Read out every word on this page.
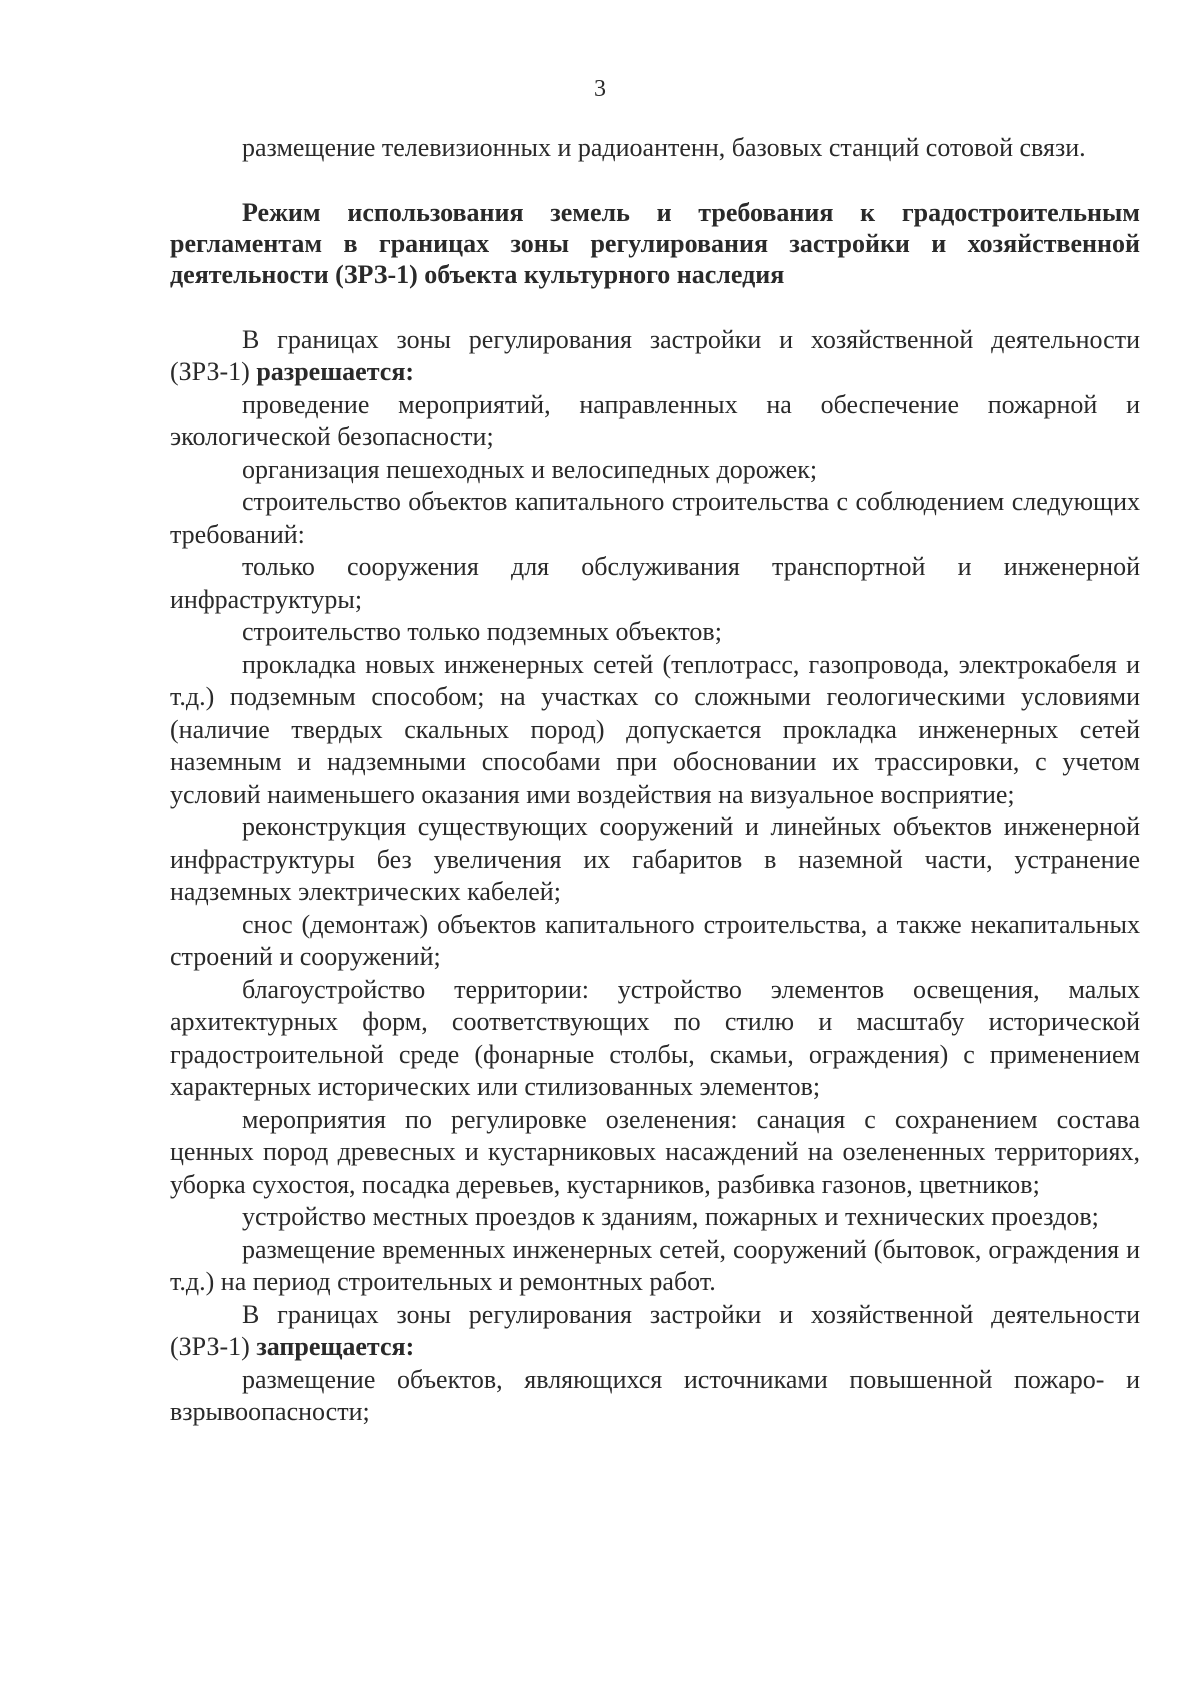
3

размещение телевизионных и радиоантенн, базовых станций сотовой связи.

Режим использования земель и требования к градостроительным регламентам в границах зоны регулирования застройки и хозяйственной деятельности (ЗРЗ-1) объекта культурного наследия

В границах зоны регулирования застройки и хозяйственной деятельности (ЗРЗ-1) разрешается:

проведение мероприятий, направленных на обеспечение пожарной и экологической безопасности;

организация пешеходных и велосипедных дорожек;

строительство объектов капитального строительства с соблюдением следующих требований:

только сооружения для обслуживания транспортной и инженерной инфраструктуры;

строительство только подземных объектов;

прокладка новых инженерных сетей (теплотрасс, газопровода, электрокабеля и т.д.) подземным способом; на участках со сложными геологическими условиями (наличие твердых скальных пород) допускается прокладка инженерных сетей наземным и надземными способами при обосновании их трассировки, с учетом условий наименьшего оказания ими воздействия на визуальное восприятие;

реконструкция существующих сооружений и линейных объектов инженерной инфраструктуры без увеличения их габаритов в наземной части, устранение надземных электрических кабелей;

снос (демонтаж) объектов капитального строительства, а также некапитальных строений и сооружений;

благоустройство территории: устройство элементов освещения, малых архитектурных форм, соответствующих по стилю и масштабу исторической градостроительной среде (фонарные столбы, скамьи, ограждения) с применением характерных исторических или стилизованных элементов;

мероприятия по регулировке озеленения: санация с сохранением состава ценных пород древесных и кустарниковых насаждений на озелененных территориях, уборка сухостоя, посадка деревьев, кустарников, разбивка газонов, цветников;

устройство местных проездов к зданиям, пожарных и технических проездов;

размещение временных инженерных сетей, сооружений (бытовок, ограждения и т.д.) на период строительных и ремонтных работ.

В границах зоны регулирования застройки и хозяйственной деятельности (ЗРЗ-1) запрещается:

размещение объектов, являющихся источниками повышенной пожаро- и взрывоопасности;
